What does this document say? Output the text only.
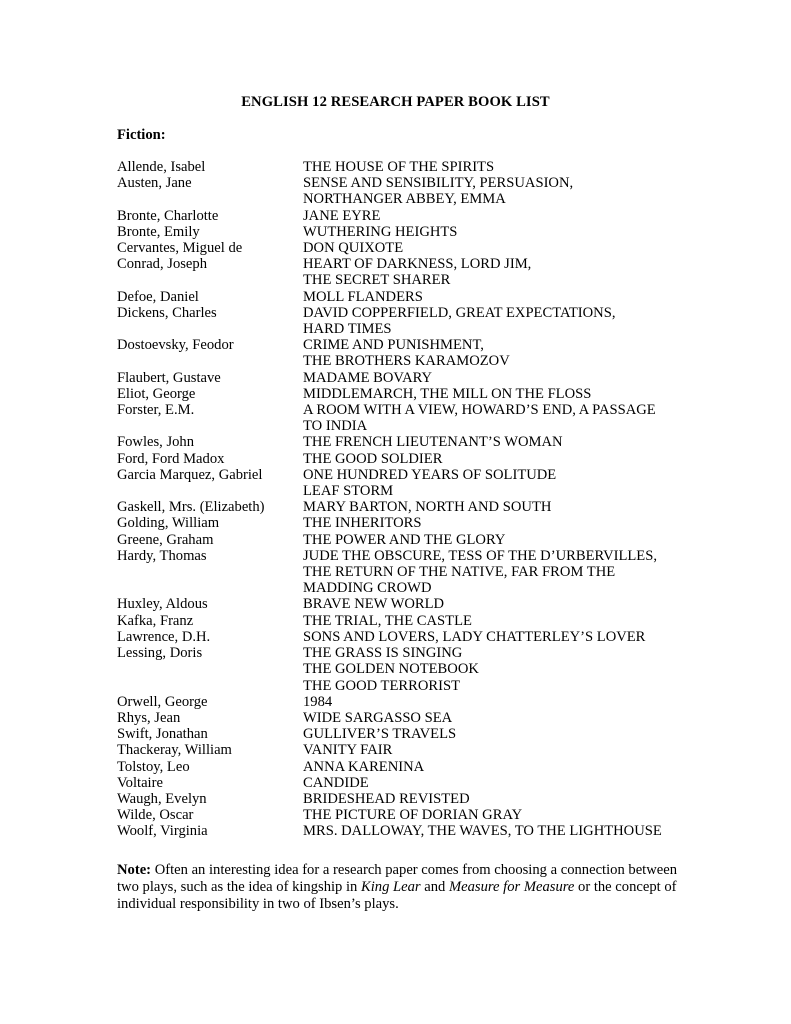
ENGLISH 12 RESEARCH PAPER BOOK LIST
Fiction:
Allende, Isabel	THE HOUSE OF THE SPIRITS
Austen, Jane	SENSE AND SENSIBILITY, PERSUASION,
NORTHANGER ABBEY, EMMA
Bronte, Charlotte	JANE EYRE
Bronte, Emily	WUTHERING HEIGHTS
Cervantes, Miguel de	DON QUIXOTE
Conrad, Joseph	HEART OF DARKNESS, LORD JIM,
THE SECRET SHARER
Defoe, Daniel	MOLL FLANDERS
Dickens, Charles	DAVID COPPERFIELD, GREAT EXPECTATIONS,
HARD TIMES
Dostoevsky, Feodor	CRIME AND PUNISHMENT,
THE BROTHERS KARAMOZOV
Flaubert, Gustave	MADAME BOVARY
Eliot, George	MIDDLEMARCH, THE MILL ON THE FLOSS
Forster, E.M.	A ROOM WITH A VIEW, HOWARD’S END, A PASSAGE
TO INDIA
Fowles, John	THE FRENCH LIEUTENANT’S WOMAN
Ford, Ford Madox	THE GOOD SOLDIER
Garcia Marquez, Gabriel	ONE HUNDRED YEARS OF SOLITUDE
LEAF STORM
Gaskell, Mrs. (Elizabeth)	MARY BARTON, NORTH AND SOUTH
Golding, William	THE INHERITORS
Greene, Graham	THE POWER AND THE GLORY
Hardy, Thomas	JUDE THE OBSCURE, TESS OF THE D’URBERVILLES,
THE RETURN OF THE NATIVE, FAR FROM THE
MADDING CROWD
Huxley, Aldous	BRAVE NEW WORLD
Kafka, Franz	THE TRIAL, THE CASTLE
Lawrence, D.H.	SONS AND LOVERS, LADY CHATTERLEY’S LOVER
Lessing, Doris	THE GRASS IS SINGING
THE GOLDEN NOTEBOOK
THE GOOD TERRORIST
Orwell, George	1984
Rhys, Jean	WIDE SARGASSO SEA
Swift, Jonathan	GULLIVER’S TRAVELS
Thackeray, William	VANITY FAIR
Tolstoy, Leo	ANNA KARENINA
Voltaire	CANDIDE
Waugh, Evelyn	BRIDESHEAD REVISTED
Wilde, Oscar	THE PICTURE OF DORIAN GRAY
Woolf, Virginia	MRS. DALLOWAY, THE WAVES, TO THE LIGHTHOUSE
Note: Often an interesting idea for a research paper comes from choosing a connection between two plays, such as the idea of kingship in King Lear and Measure for Measure or the concept of individual responsibility in two of Ibsen’s plays.
